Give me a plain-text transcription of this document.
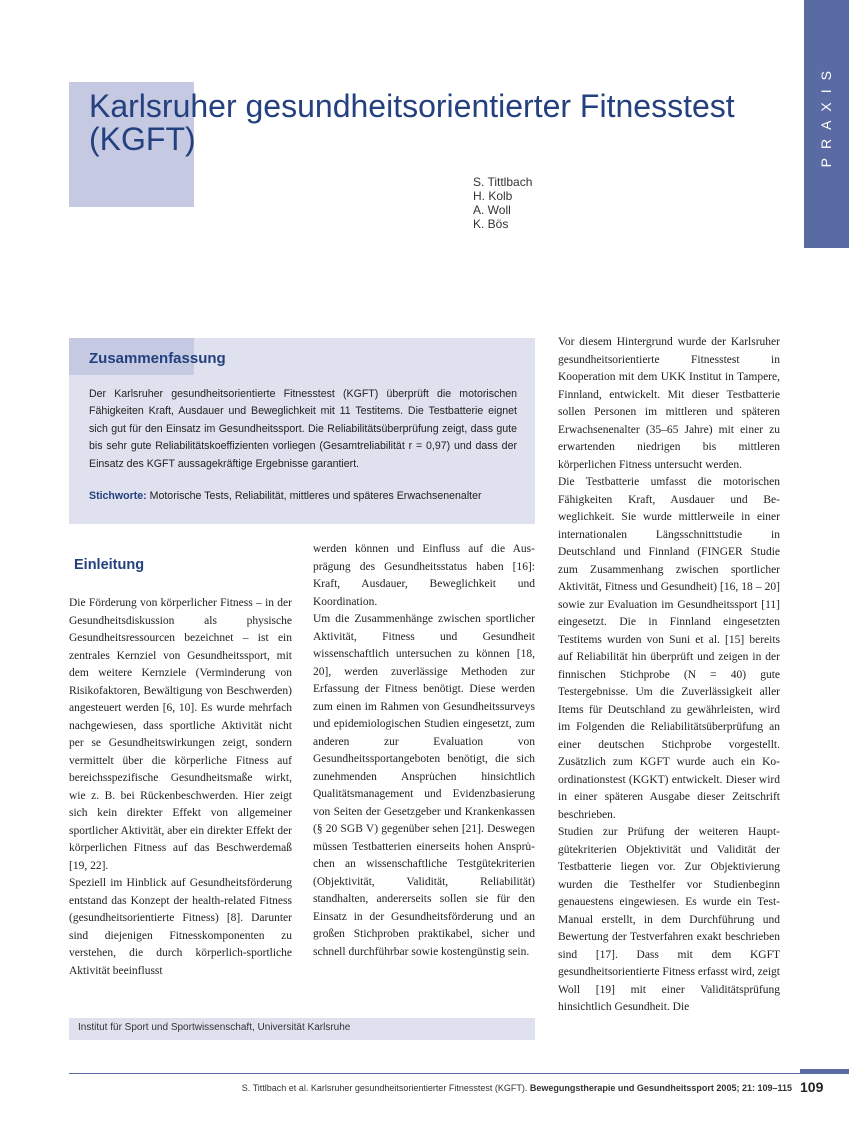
PRAXIS
Karlsruher gesundheitsorientierter Fitnesstest (KGFT)
S. Tittlbach
H. Kolb
A. Woll
K. Bös
Zusammenfassung

Der Karlsruher gesundheitsorientierte Fitnesstest (KGFT) überprüft die motorischen Fähigkeiten Kraft, Ausdauer und Beweglichkeit mit 11 Testitems. Die Testbatterie eignet sich gut für den Einsatz im Gesundheitssport. Die Reliabilitätsüberprüfung zeigt, dass gute bis sehr gute Reliabilitätskoeffizienten vorliegen (Gesamtreliabilität r = 0,97) und dass der Einsatz des KGFT aussagekräftige Ergebnisse garantiert.

Stichworte: Motorische Tests, Reliabilität, mittleres und späteres Erwachsenenalter

Einleitung

Die Förderung von körperlicher Fitness – in der Gesundheitsdiskussion als physische Gesundheitsressourcen bezeichnet – ist ein zentrales Kernziel von Gesundheitssport, mit dem weitere Kernziele (Verminderung von Risikofaktoren, Bewältigung von Beschwerden) angesteuert werden [6, 10]. Es wurde mehrfach nachgewiesen, dass sportliche Aktivität nicht per se Gesundheitswirkungen zeigt, sondern vermittelt über die körperliche Fitness auf bereichsspezifische Gesundheitsmaße wirkt, wie z. B. bei Rückenbeschwerden. Hier zeigt sich kein direkter Effekt von allgemeiner sportlicher Aktivität, aber ein direkter Effekt der körperlichen Fitness auf das Beschwerdemaß [19, 22].

Speziell im Hinblick auf Gesundheitsförderung entstand das Konzept der health-related Fitness (gesundheitsorientierte Fitness) [8]. Darunter sind diejenigen Fitnesskomponenten zu verstehen, die durch körperlich-sportliche Aktivität beeinflusst

werden können und Einfluss auf die Ausprägung des Gesundheitsstatus haben [16]: Kraft, Ausdauer, Beweglichkeit und Koordination.

Um die Zusammenhänge zwischen sportlicher Aktivität, Fitness und Gesundheit wissenschaftlich untersuchen zu können [18, 20], werden zuverlässige Methoden zur Erfassung der Fitness benötigt. Diese werden zum einen im Rahmen von Gesundheitssurveys und epidemiologischen Studien eingesetzt, zum anderen zur Evaluation von Gesundheitssportangeboten benötigt, die sich zunehmenden Anspru̇chen hinsichtlich Qualitätsmanagement und Evidenzbasierung von Seiten der Gesetzgeber und Krankenkassen (§ 20 SGB V) gegenüber sehen [21]. Deswegen müssen Testbatterien einerseits hohen Anspru̇chen an wissenschaftliche Testgütekriterien (Objektivität, Validität, Reliabilität) standhalten, andererseits sollen sie für den Einsatz in der Gesundheitsförderung und an großen Stichproben praktikabel, sicher und schnell durchführbar sowie kostengünstig sein.

Vor diesem Hintergrund wurde der Karlsruher gesundheitsorientierte Fitnesstest in Kooperation mit dem UKK Institut in Tampere, Finnland, entwickelt. Mit dieser Testbatterie sollen Personen im mittleren und späteren Erwachsenenalter (35–65 Jahre) mit einer zu erwartenden niedrigen bis mittleren körperlichen Fitness untersucht werden.

Die Testbatterie umfasst die motorischen Fähigkeiten Kraft, Ausdauer und Beweglichkeit. Sie wurde mittlerweile in einer internationalen Längsschnittstudie in Deutschland und Finnland (FINGER Studie zum Zusammenhang zwischen sportlicher Aktivität, Fitness und Gesundheit) [16, 18 – 20] sowie zur Evaluation im Gesundheitssport [11] eingesetzt. Die in Finnland eingesetzten Testitems wurden von Suni et al. [15] bereits auf Reliabilität hin überprüft und zeigen in der finnischen Stichprobe (N = 40) gute Testergebnisse. Um die Zuverlässigkeit aller Items für Deutschland zu gewährleisten, wird im Folgenden die Reliabilitätsüberprüfung an einer deutschen Stichprobe vorgestellt. Zusätzlich zum KGFT wurde auch ein Koordinationstest (KGKT) entwickelt. Dieser wird in einer späteren Ausgabe dieser Zeitschrift beschrieben.

Studien zur Prüfung der weiteren Hauptgütekriterien Objektivität und Validität der Testbatterie liegen vor. Zur Objektivierung wurden die Testhelfer vor Studienbeginn genauestens eingewiesen. Es wurde ein Test-Manual erstellt, in dem Durchführung und Bewertung der Testverfahren exakt beschrieben sind [17]. Dass mit dem KGFT gesundheitsorientierte Fitness erfasst wird, zeigt Woll [19] mit einer Validitätsprüfung hinsichtlich Gesundheit. Die

Institut für Sport und Sportwissenschaft, Universität Karlsruhe
S. Tittlbach et al. Karlsruher gesundheitsorientierter Fitnesstest (KGFT). Bewegungstherapie und Gesundheitssport 2005; 21: 109–115 109
